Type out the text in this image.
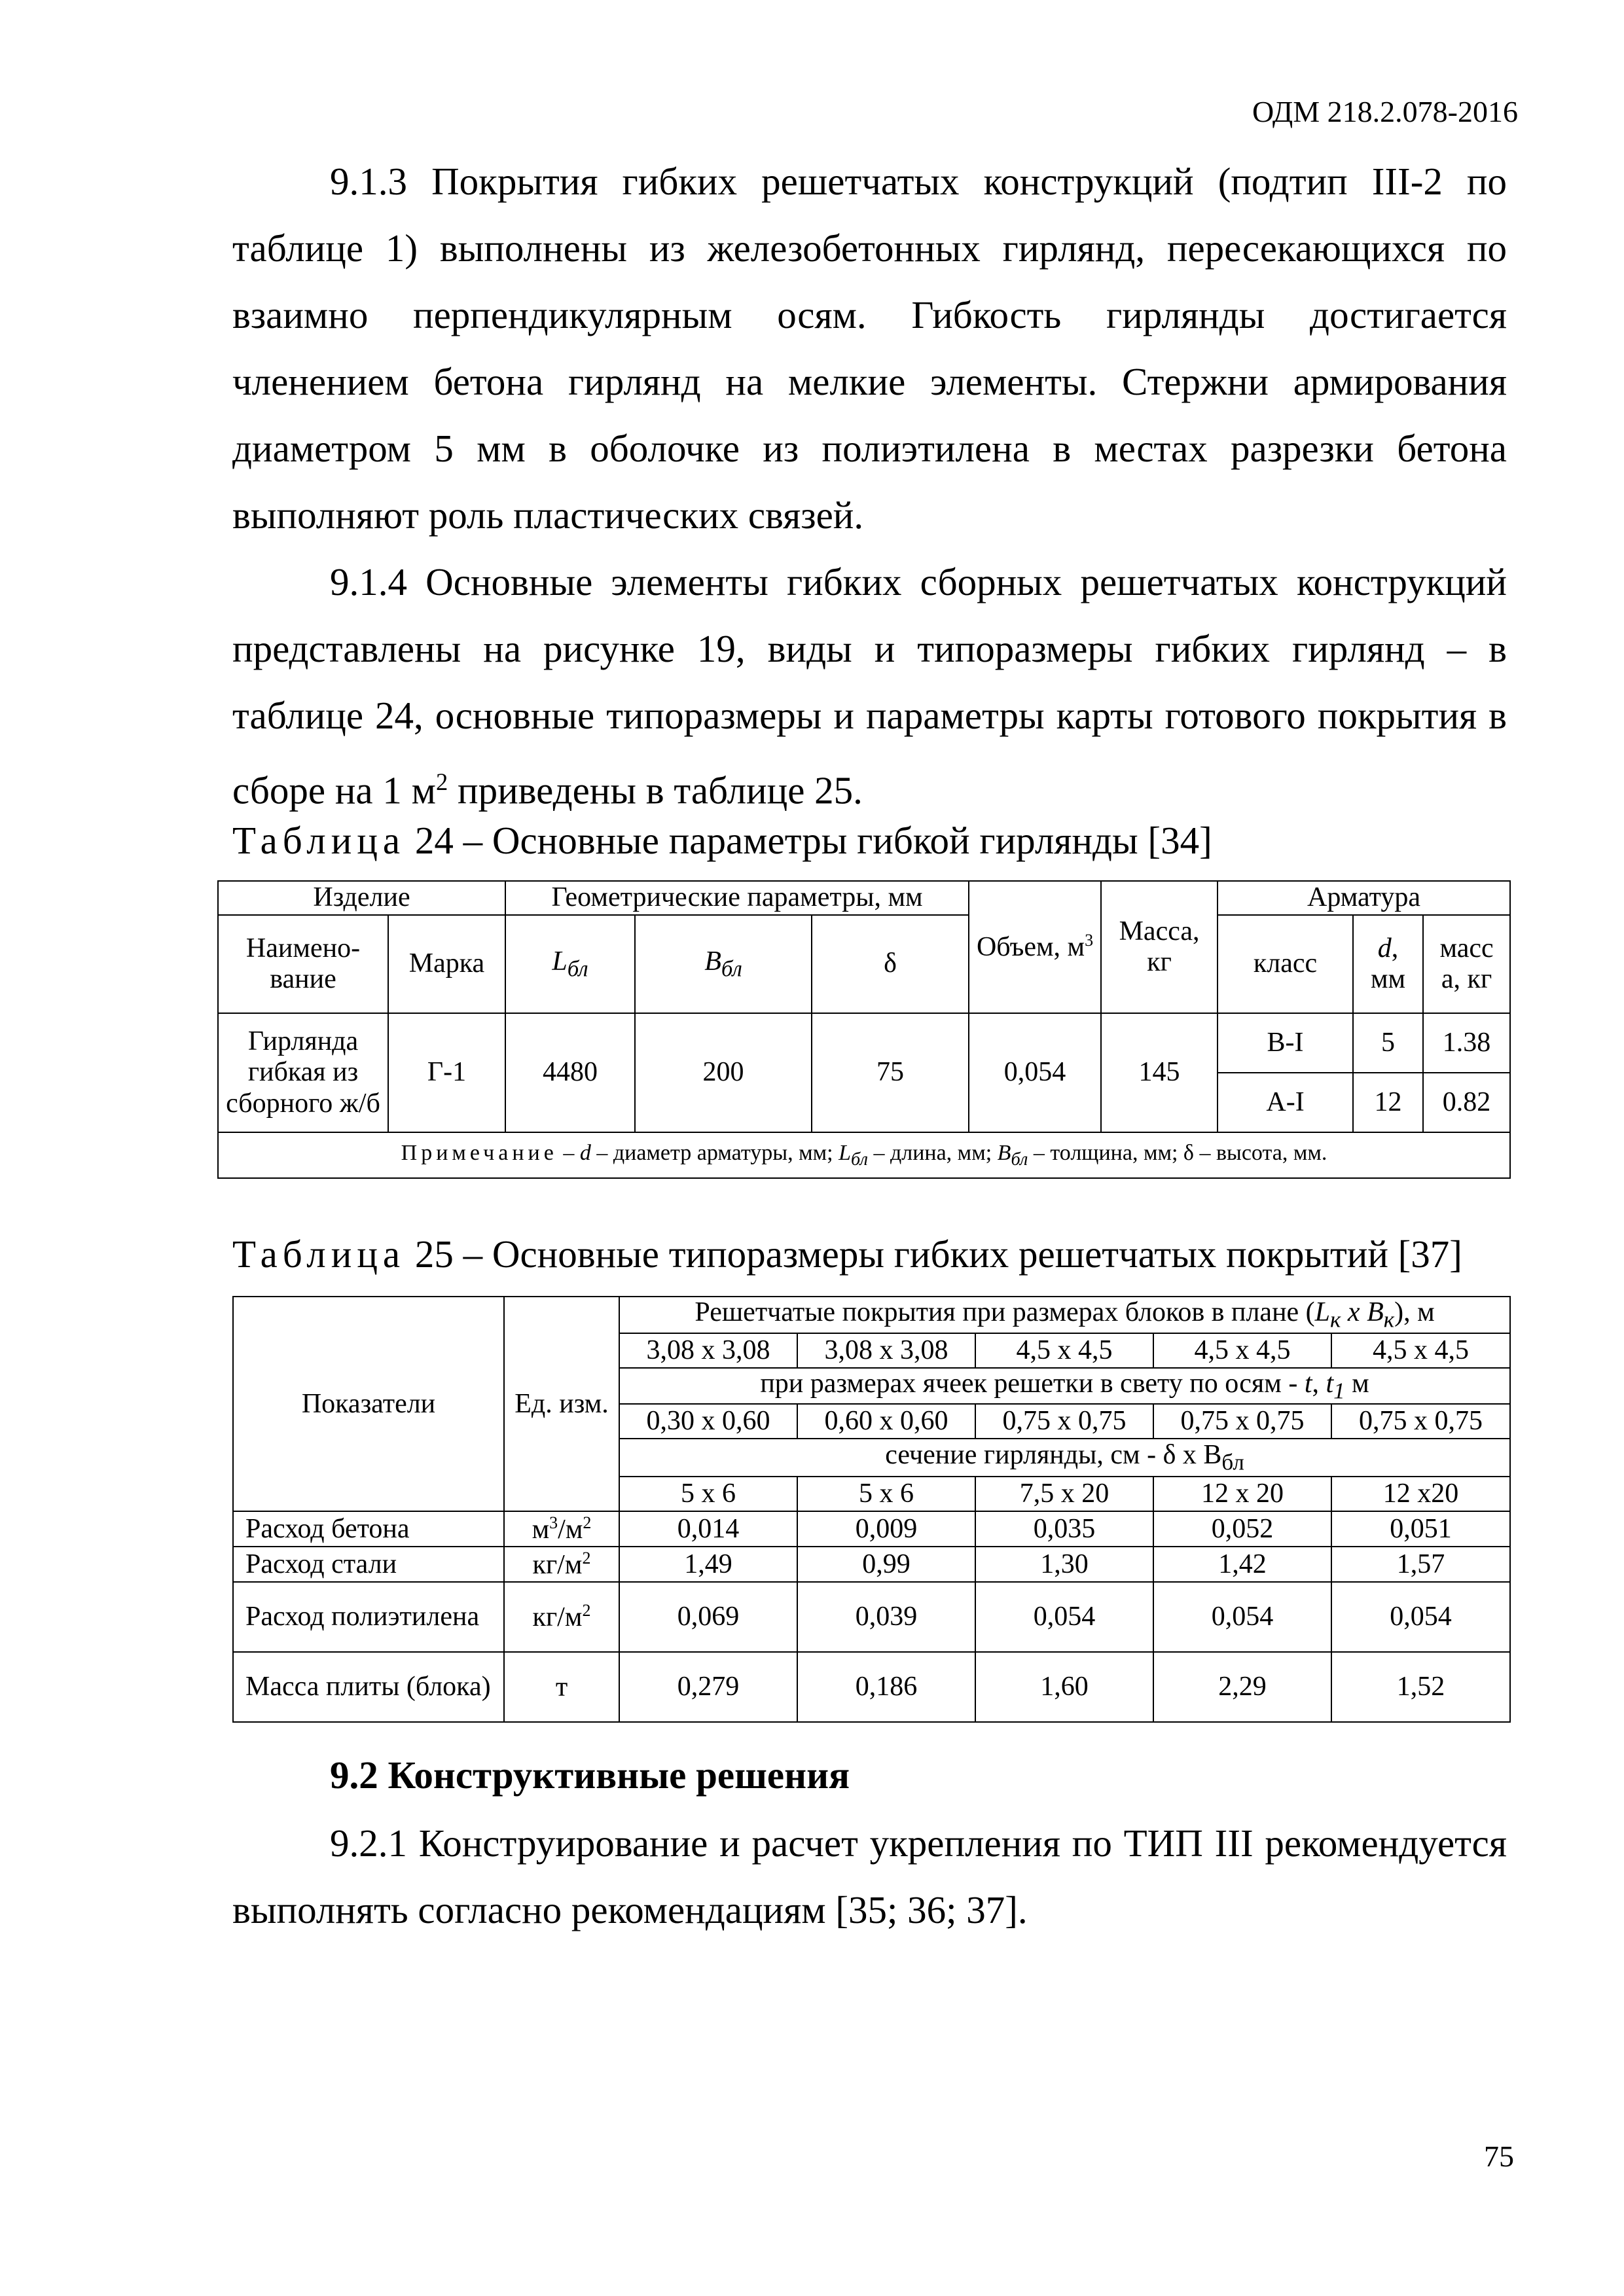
ОДМ 218.2.078-2016

9.1.3 Покрытия гибких решетчатых конструкций (подтип III-2 по таблице 1) выполнены из железобетонных гирлянд, пересекающихся по взаимно перпендикулярным осям. Гибкость гирлянды достигается членением бетона гирлянд на мелкие элементы. Стержни армирования диаметром 5 мм в оболочке из полиэтилена в местах разрезки бетона выполняют роль пластических связей.

9.1.4 Основные элементы гибких сборных решетчатых конструкций представлены на рисунке 19, виды и типоразмеры гибких гирлянд – в таблице 24, основные типоразмеры и параметры карты готового покрытия в сборе на 1 $м^2$ приведены в таблице 25.

Таблица 24 – Основные параметры гибкой гирлянды [34]
Изделие		Геометрические параметры, мм			Объем, $м^3$	Масса, кг	Арматура		
Наимено-вание	Марка	$L_{бл}$	$B_{бл}$	δ			класс	d, мм	масс а, кг
Гирлянда гибкая из сборного ж/б	Г-1	4480	200	75	0,054	145	B-I	5	1.38
							A-I	12	0.82
Примечание – d – диаметр арматуры, мм; $L_{бл}$ – длина, мм; $B_{бл}$ – толщина, мм; δ – высота, мм.									
Таблица 25 – Основные типоразмеры гибких решетчатых покрытий [37]
Показатели	Ед. изм.	Решетчатые покрытия при размерах блоков в плане ($L_к$ x $B_к$), м				
		3,08 x 3,08	3,08 x 3,08	4,5 x 4,5	4,5 x 4,5	4,5 x 4,5
		при размерах ячеек решетки в свету по осям - t, $t_1$ м				
		0,30 x 0,60	0,60 x 0,60	0,75 x 0,75	0,75 x 0,75	0,75 x 0,75
		сечение гирлянды, см - δ x $B_{бл}$
		5 x 6	5 x 6	7,5 x 20	12 x 20	12 x20
Расход бетона	$м^3/м^2$	0,014	0,009	0,035	0,052	0,051
Расход стали	$кг/м^2$	1,49	0,99	1,30	1,42	1,57
Расход полиэтилена	$кг/м^2$	0,069	0,039	0,054	0,054	0,054
Масса плиты (блока)	т	0,279	0,186	1,60	2,29	1,52
9.2 Конструктивные решения

9.2.1 Конструирование и расчет укрепления по ТИП III рекомендуется выполнять согласно рекомендациям [35; 36; 37].

75
